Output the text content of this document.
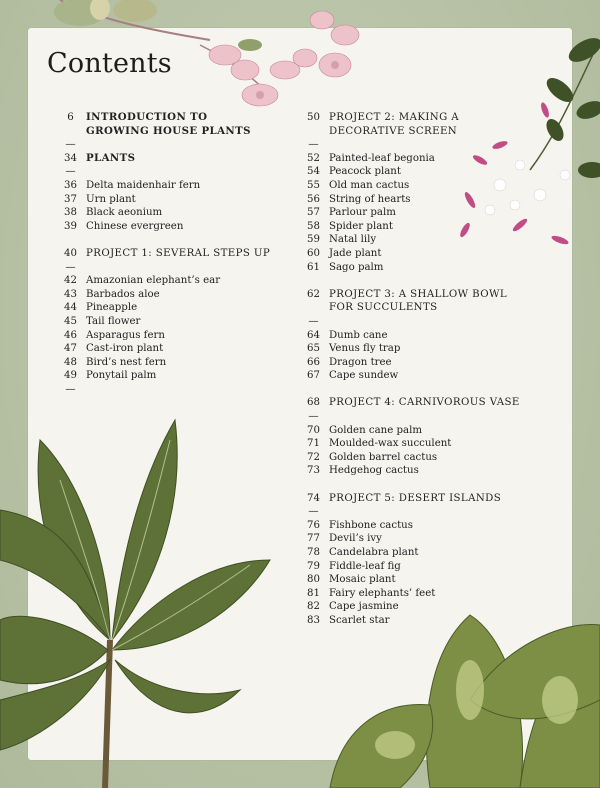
Contents
6	INTRODUCTION TO
GROWING HOUSE PLANTS
—
34 PLANTS
—
36 Delta maidenhair fern
37 Urn plant
38 Black aeonium
39 Chinese evergreen
40 PROJECT 1: SEVERAL STEPS UP
—
42 Amazonian elephant’s ear
43 Barbados aloe
44 Pineapple
45 Tail flower
46 Asparagus fern
47 Cast-iron plant
48 Bird’s nest fern
49 Ponytail palm
—
50 PROJECT 2: MAKING A
DECORATIVE SCREEN
—
52 Painted-leaf begonia
54 Peacock plant
55 Old man cactus
56 String of hearts
57 Parlour palm
58 Spider plant
59 Natal lily
60 Jade plant
61 Sago palm
62 PROJECT 3: A SHALLOW BOWL
FOR SUCCULENTS
—
64 Dumb cane
65 Venus fly trap
66 Dragon tree
67 Cape sundew
68 PROJECT 4: CARNIVOROUS VASE
—
70 Golden cane palm
71 Moulded-wax succulent
72 Golden barrel cactus
73 Hedgehog cactus
74 PROJECT 5: DESERT ISLANDS
—
76 Fishbone cactus
77 Devil’s ivy
78 Candelabra plant
79 Fiddle-leaf fig
80 Mosaic plant
81 Fairy elephants’ feet
82 Cape jasmine
83 Scarlet star
